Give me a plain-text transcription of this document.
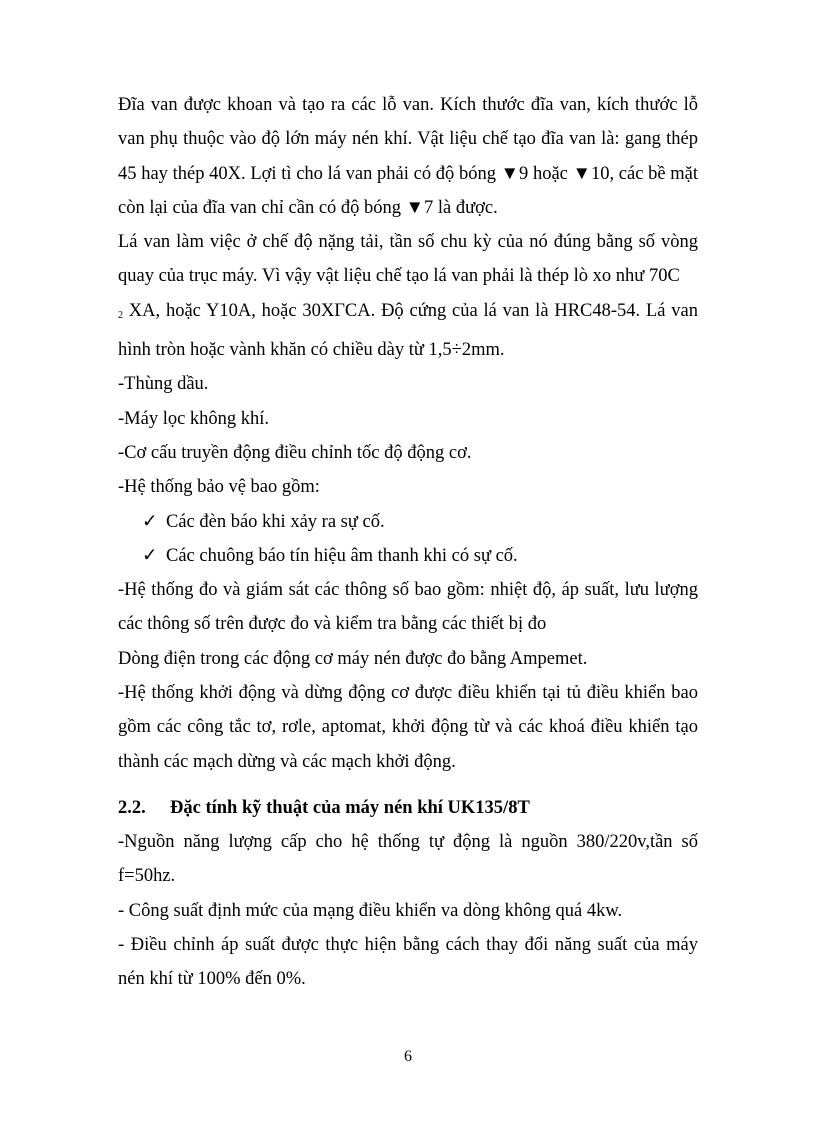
Đĩa van được khoan và tạo ra các lỗ van. Kích thước đĩa van, kích thước lỗ van phụ thuộc vào độ lớn máy nén khí. Vật liệu chế tạo đĩa van là: gang thép 45 hay thép 40X. Lợi tì cho lá van phải có độ bóng ▼9 hoặc ▼10, các bề mặt còn lại của đĩa van chỉ cần có độ bóng ▼7 là được.

Lá van làm việc ở chế độ nặng tải, tần số chu kỳ của nó đúng bằng số vòng quay của trục máy. Vì vậy vật liệu chế tạo lá van phải là thép lò xo như 70C
$_2$ XA, hoặc Y10A, hoặc 30XΓCA. Độ cứng của lá van là HRC48-54. Lá van hình tròn hoặc vành khăn có chiều dày từ 1,5÷2mm.

-Thùng dầu.

-Máy lọc không khí.

-Cơ cấu truyền động điều chỉnh tốc độ động cơ.

-Hệ thống bảo vệ bao gồm:

✓ Các đèn báo khi xảy ra sự cố.

✓ Các chuông báo tín hiệu âm thanh khi có sự cố.

-Hệ thống đo và giám sát các thông số bao gồm: nhiệt độ, áp suất, lưu lượng các thông số trên được đo và kiểm tra bằng các thiết bị đo

Dòng điện trong các động cơ máy nén được đo bằng Ampemet.

-Hệ thống khởi động và dừng động cơ được điều khiển tại tủ điều khiển bao gồm các công tắc tơ, rơle, aptomat, khởi động từ và các khoá điều khiển tạo thành các mạch dừng và các mạch khởi động.

2.2.	Đặc tính kỹ thuật của máy nén khí UK135/8T

-Nguồn năng lượng cấp cho hệ thống tự động là nguồn 380/220v,tần số f=50hz.

- Công suất định mức của mạng điều khiển va dòng không quá 4kw.

- Điều chỉnh áp suất được thực hiện bằng cách thay đổi năng suất của máy nén khí từ 100% đến 0%.

6
